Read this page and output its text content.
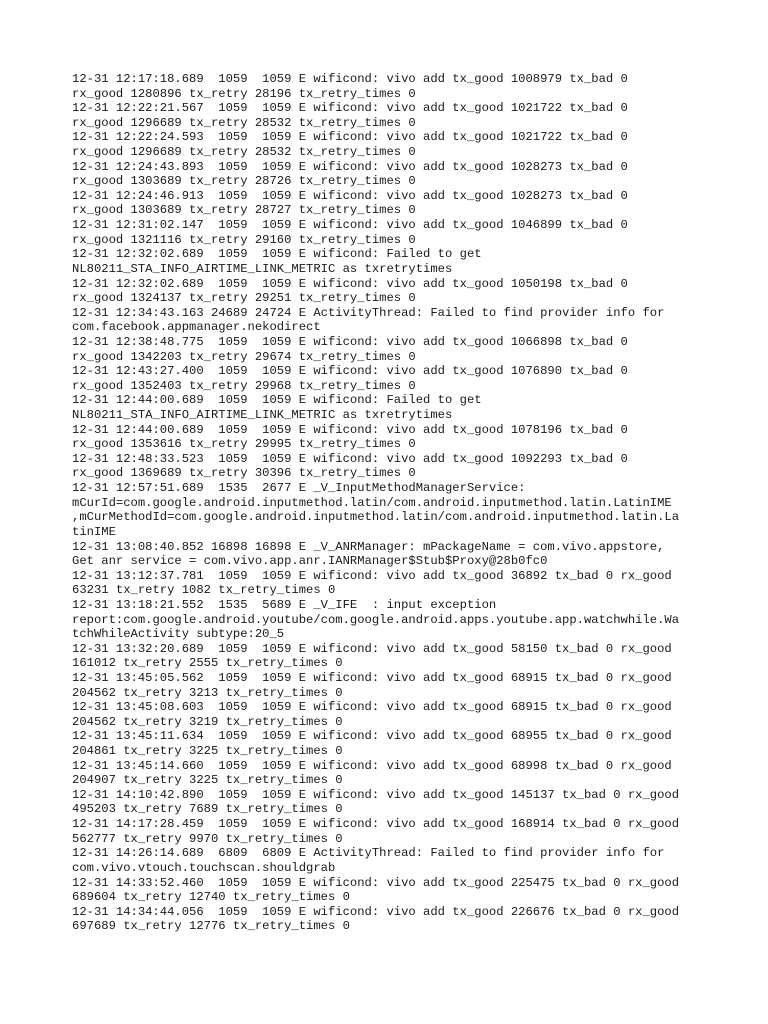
12-31 12:17:18.689  1059  1059 E wificond: vivo add tx_good 1008979 tx_bad 0
rx_good 1280896 tx_retry 28196 tx_retry_times 0
12-31 12:22:21.567  1059  1059 E wificond: vivo add tx_good 1021722 tx_bad 0
rx_good 1296689 tx_retry 28532 tx_retry_times 0
12-31 12:22:24.593  1059  1059 E wificond: vivo add tx_good 1021722 tx_bad 0
rx_good 1296689 tx_retry 28532 tx_retry_times 0
12-31 12:24:43.893  1059  1059 E wificond: vivo add tx_good 1028273 tx_bad 0
rx_good 1303689 tx_retry 28726 tx_retry_times 0
12-31 12:24:46.913  1059  1059 E wificond: vivo add tx_good 1028273 tx_bad 0
rx_good 1303689 tx_retry 28727 tx_retry_times 0
12-31 12:31:02.147  1059  1059 E wificond: vivo add tx_good 1046899 tx_bad 0
rx_good 1321116 tx_retry 29160 tx_retry_times 0
12-31 12:32:02.689  1059  1059 E wificond: Failed to get
NL80211_STA_INFO_AIRTIME_LINK_METRIC as txretrytimes
12-31 12:32:02.689  1059  1059 E wificond: vivo add tx_good 1050198 tx_bad 0
rx_good 1324137 tx_retry 29251 tx_retry_times 0
12-31 12:34:43.163 24689 24724 E ActivityThread: Failed to find provider info for
com.facebook.appmanager.nekodirect
12-31 12:38:48.775  1059  1059 E wificond: vivo add tx_good 1066898 tx_bad 0
rx_good 1342203 tx_retry 29674 tx_retry_times 0
12-31 12:43:27.400  1059  1059 E wificond: vivo add tx_good 1076890 tx_bad 0
rx_good 1352403 tx_retry 29968 tx_retry_times 0
12-31 12:44:00.689  1059  1059 E wificond: Failed to get
NL80211_STA_INFO_AIRTIME_LINK_METRIC as txretrytimes
12-31 12:44:00.689  1059  1059 E wificond: vivo add tx_good 1078196 tx_bad 0
rx_good 1353616 tx_retry 29995 tx_retry_times 0
12-31 12:48:33.523  1059  1059 E wificond: vivo add tx_good 1092293 tx_bad 0
rx_good 1369689 tx_retry 30396 tx_retry_times 0
12-31 12:57:51.689  1535  2677 E _V_InputMethodManagerService:
mCurId=com.google.android.inputmethod.latin/com.android.inputmethod.latin.LatinIME
,mCurMethodId=com.google.android.inputmethod.latin/com.android.inputmethod.latin.La
tinIME
12-31 13:08:40.852 16898 16898 E _V_ANRManager: mPackageName = com.vivo.appstore,
Get anr service = com.vivo.app.anr.IANRManager$Stub$Proxy@28b0fc0
12-31 13:12:37.781  1059  1059 E wificond: vivo add tx_good 36892 tx_bad 0 rx_good
63231 tx_retry 1082 tx_retry_times 0
12-31 13:18:21.552  1535  5689 E _V_IFE  : input exception
report:com.google.android.youtube/com.google.android.apps.youtube.app.watchwhile.Wa
tchWhileActivity subtype:20_5
12-31 13:32:20.689  1059  1059 E wificond: vivo add tx_good 58150 tx_bad 0 rx_good
161012 tx_retry 2555 tx_retry_times 0
12-31 13:45:05.562  1059  1059 E wificond: vivo add tx_good 68915 tx_bad 0 rx_good
204562 tx_retry 3213 tx_retry_times 0
12-31 13:45:08.603  1059  1059 E wificond: vivo add tx_good 68915 tx_bad 0 rx_good
204562 tx_retry 3219 tx_retry_times 0
12-31 13:45:11.634  1059  1059 E wificond: vivo add tx_good 68955 tx_bad 0 rx_good
204861 tx_retry 3225 tx_retry_times 0
12-31 13:45:14.660  1059  1059 E wificond: vivo add tx_good 68998 tx_bad 0 rx_good
204907 tx_retry 3225 tx_retry_times 0
12-31 14:10:42.890  1059  1059 E wificond: vivo add tx_good 145137 tx_bad 0 rx_good
495203 tx_retry 7689 tx_retry_times 0
12-31 14:17:28.459  1059  1059 E wificond: vivo add tx_good 168914 tx_bad 0 rx_good
562777 tx_retry 9970 tx_retry_times 0
12-31 14:26:14.689  6809  6809 E ActivityThread: Failed to find provider info for
com.vivo.vtouch.touchscan.shouldgrab
12-31 14:33:52.460  1059  1059 E wificond: vivo add tx_good 225475 tx_bad 0 rx_good
689604 tx_retry 12740 tx_retry_times 0
12-31 14:34:44.056  1059  1059 E wificond: vivo add tx_good 226676 tx_bad 0 rx_good
697689 tx_retry 12776 tx_retry_times 0
